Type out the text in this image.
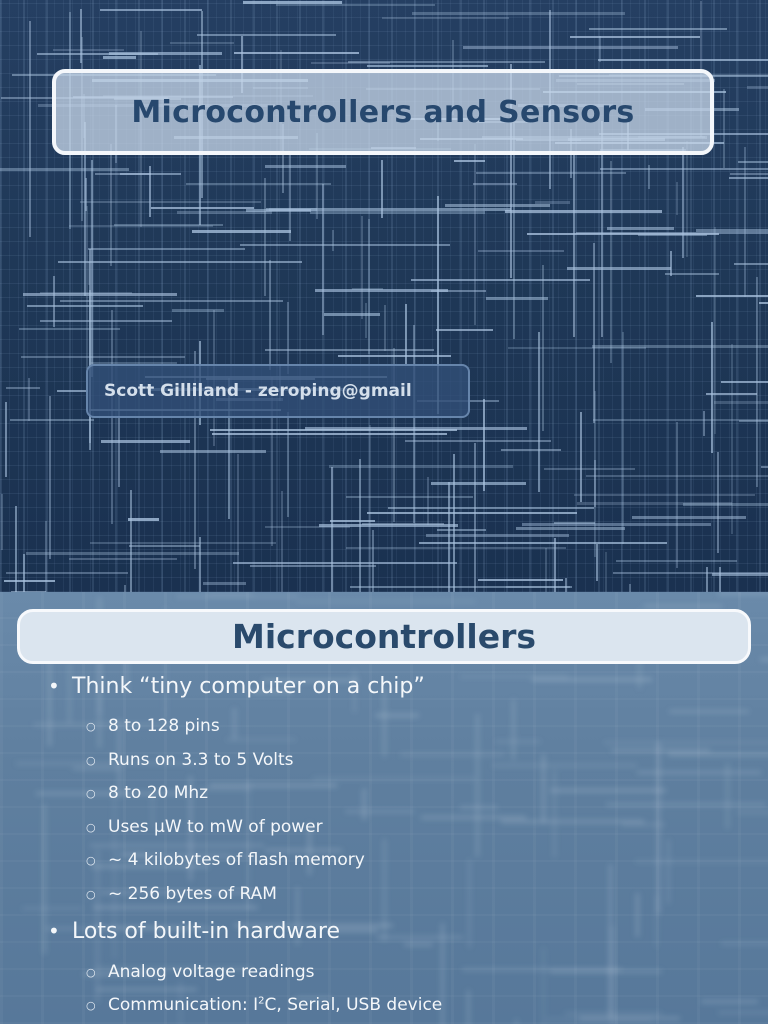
Microcontrollers and Sensors
Scott Gilliland - zeroping@gmail
Microcontrollers
• Think “tiny computer on a chip”
○ 8 to 128 pins
○ Runs on 3.3 to 5 Volts
○ 8 to 20 Mhz
○ Uses µW to mW of power
○ ~ 4 kilobytes of flash memory
○ ~ 256 bytes of RAM
• Lots of built-in hardware
○ Analog voltage readings
○ Communication: $I^2C$, Serial, USB device
